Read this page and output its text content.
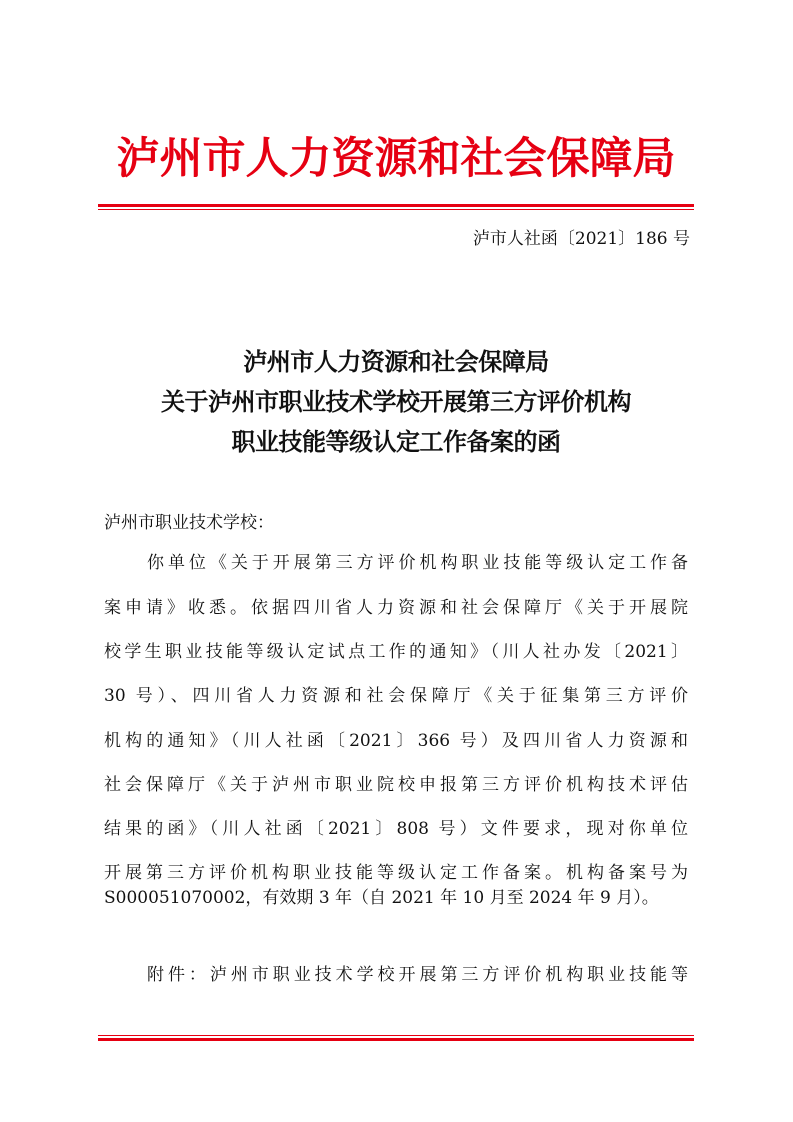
泸州市人力资源和社会保障局
泸市人社函〔2021〕186 号
泸州市人力资源和社会保障局
关于泸州市职业技术学校开展第三方评价机构
职业技能等级认定工作备案的函
泸州市职业技术学校：
你单位《关于开展第三方评价机构职业技能等级认定工作备
案申请》收悉。依据四川省人力资源和社会保障厅《关于开展院
校学生职业技能等级认定试点工作的通知》（川人社办发〔2021〕
30 号）、四川省人力资源和社会保障厅《关于征集第三方评价
机构的通知》（川人社函〔2021〕366 号）及四川省人力资源和
社会保障厅《关于泸州市职业院校申报第三方评价机构技术评估
结果的函》（川人社函〔2021〕808 号）文件要求，现对你单位
开展第三方评价机构职业技能等级认定工作备案。机构备案号为
S000051070002，有效期 3 年（自 2021 年 10 月至 2024 年 9 月）。
附件：泸州市职业技术学校开展第三方评价机构职业技能等
